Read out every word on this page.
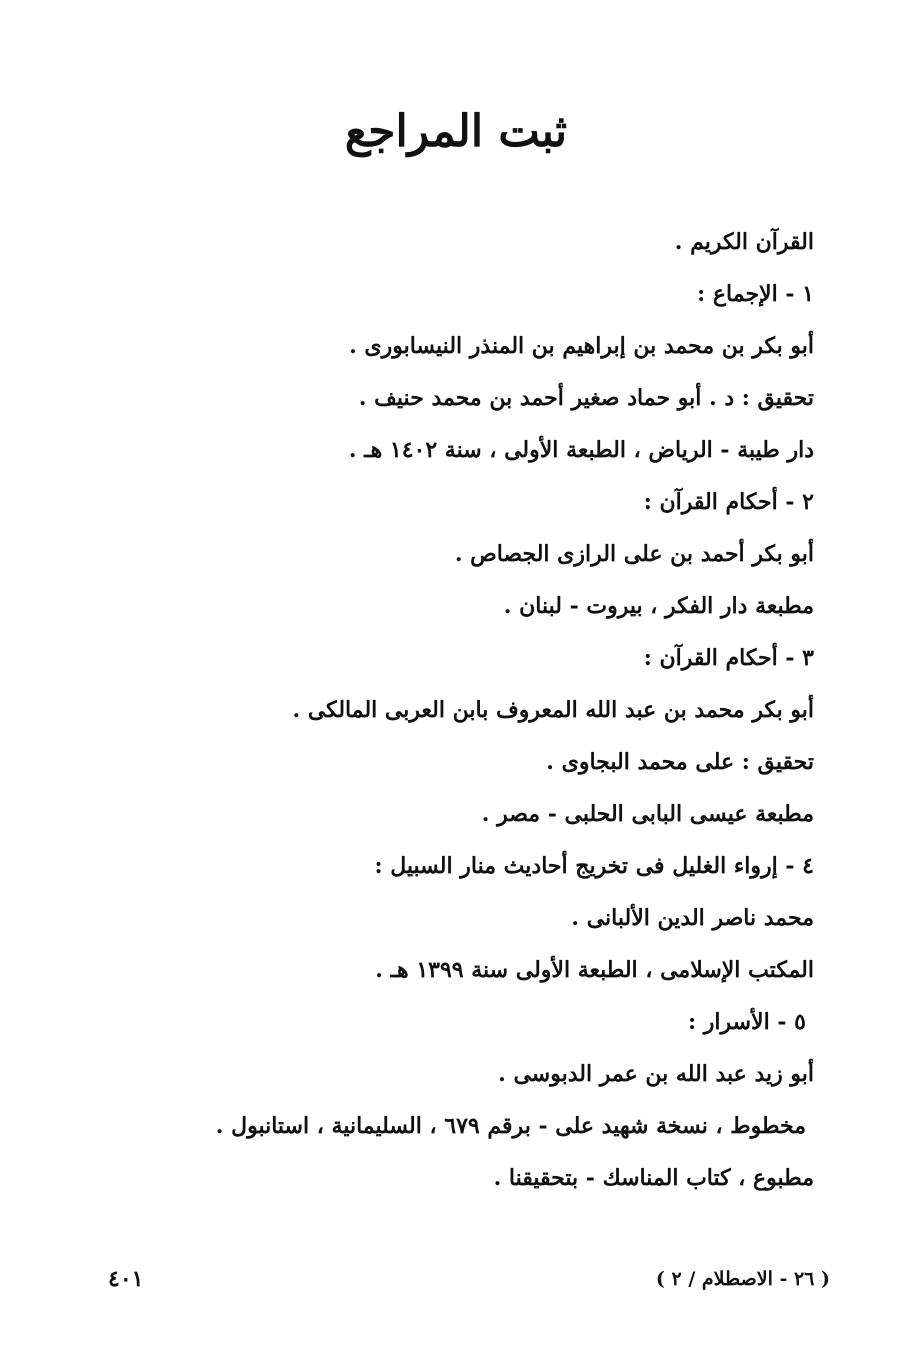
ثبت المراجع
القرآن الكريم .
١ - الإجماع :
أبو بكر بن محمد بن إبراهيم بن المنذر النيسابورى .
تحقيق : د . أبو حماد صغير أحمد بن محمد حنيف .
دار طيبة - الرياض ، الطبعة الأولى ، سنة ١٤٠٢ هـ .
٢ - أحكام القرآن :
أبو بكر أحمد بن على الرازى الجصاص .
مطبعة دار الفكر ، بيروت - لبنان .
٣ - أحكام القرآن :
أبو بكر محمد بن عبد الله المعروف بابن العربى المالكى .
تحقيق : على محمد البجاوى .
مطبعة عيسى البابى الحلبى - مصر .
٤ - إرواء الغليل فى تخريج أحاديث منار السبيل :
محمد ناصر الدين الألبانى .
المكتب الإسلامى ، الطبعة الأولى سنة ١٣٩٩ هـ .
٥ - الأسرار :
أبو زيد عبد الله بن عمر الدبوسى .
مخطوط ، نسخة شهيد على - برقم ٦٧٩ ، السليمانية ، استانبول .
مطبوع ، كتاب المناسك - بتحقيقنا .
٤٠١	( ٢٦ - الاصطلام / ٢ )
